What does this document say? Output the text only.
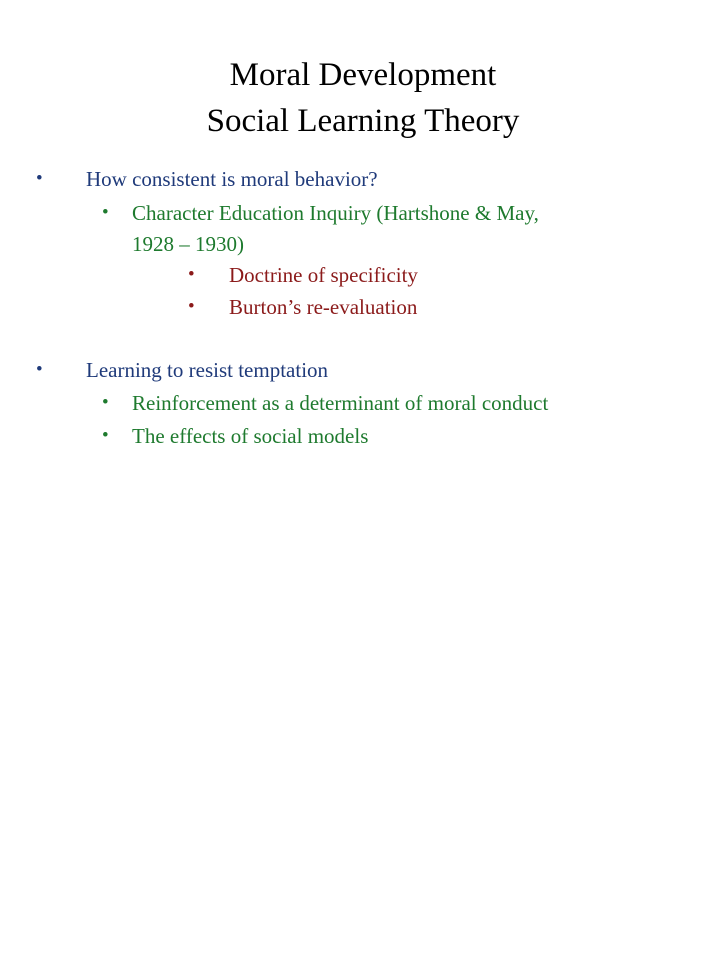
Moral Development
Social Learning Theory
• How consistent is moral behavior?
• Character Education Inquiry (Hartshone & May,
1928 – 1930)
• Doctrine of specificity
• Burton’s re-evaluation
• Learning to resist temptation
• Reinforcement as a determinant of moral conduct
• The effects of social models
